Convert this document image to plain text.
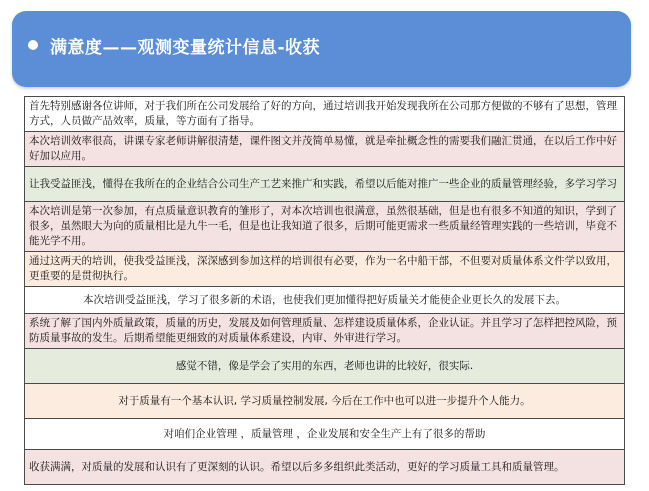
满意度——观测变量统计信息-收获
首先特别感谢各位讲师，对于我们所在公司发展给了好的方向，通过培训我开始发现我所在公司那方便做的不够有了思想，管理方式，人员做产品效率，质量，等方面有了指导。
本次培训效率很高，讲课专家老师讲解很清楚，课件图文并茂简单易懂，就是牵扯概念性的需要我们融汇贯通，在以后工作中好好加以应用。
让我受益匪浅，懂得在我所在的企业结合公司生产工艺来推广和实践，希望以后能对推广一些企业的质量管理经验，多学习学习
本次培训是第一次参加，有点质量意识教育的雏形了，对本次培训也很满意，虽然很基础，但是也有很多不知道的知识，学到了很多，虽然眼大为向的质量相比是九牛一毛，但是也让我知道了很多，后期可能更需求一些质量经管理实践的一些培训，毕竟不能光学不用。
通过这两天的培训，使我受益匪浅，深深感到参加这样的培训很有必要，作为一名中船干部，不但要对质量体系文件学以致用，更重要的是贯彻执行。
本次培训受益匪浅，学习了很多新的术语，也使我们更加懂得把好质量关才能使企业更长久的发展下去。
系统了解了国内外质量政策，质量的历史，发展及如何管理质量、怎样建设质量体系，企业认证。并且学习了怎样把控风险，预防质量事故的发生。后期希望能更细致的对质量体系建设，内审、外审进行学习。
感觉不错，像是学会了实用的东西，老师也讲的比较好，很实际.
对于质量有一个基本认识, 学习质量控制发展, 今后在工作中也可以进一步提升个人能力。
对咱们企业管理 ，质量管理 ，企业发展和安全生产上有了很多的帮助
收获满满，对质量的发展和认识有了更深刻的认识。希望以后多多组织此类活动，更好的学习质量工具和质量管理。
